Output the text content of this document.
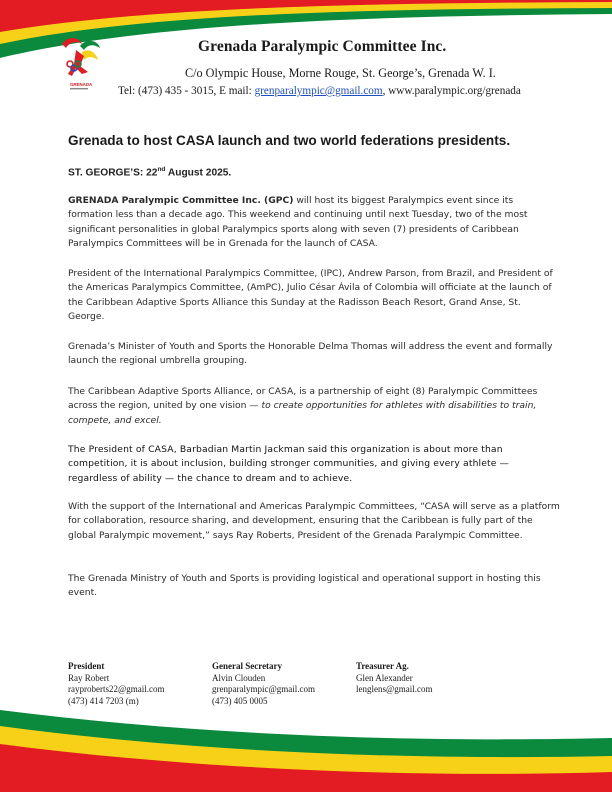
GRENADA
Grenada Paralympic Committee Inc.
C/o Olympic House, Morne Rouge, St. George’s, Grenada W. I.
Tel: (473) 435 - 3015, E mail: grenparalympic@gmail.com, www.paralympic.org/grenada
Grenada to host CASA launch and two world federations presidents.
ST. GEORGE’S: 22nd August 2025.

GRENADA Paralympic Committee Inc. (GPC) will host its biggest Paralympics event since its formation less than a decade ago. This weekend and continuing until next Tuesday, two of the most significant personalities in global Paralympics sports along with seven (7) presidents of Caribbean Paralympics Committees will be in Grenada for the launch of CASA.

President of the International Paralympics Committee, (IPC), Andrew Parson, from Brazil, and President of the Americas Paralympics Committee, (AmPC), Julio César Ávila of Colombia will officiate at the launch of the Caribbean Adaptive Sports Alliance this Sunday at the Radisson Beach Resort, Grand Anse, St. George.

Grenada’s Minister of Youth and Sports the Honorable Delma Thomas will address the event and formally launch the regional umbrella grouping.

The Caribbean Adaptive Sports Alliance, or CASA, is a partnership of eight (8) Paralympic Committees across the region, united by one vision — to create opportunities for athletes with disabilities to train, compete, and excel.

The President of CASA, Barbadian Martin Jackman said this organization is about more than competition, it is about inclusion, building stronger communities, and giving every athlete — regardless of ability — the chance to dream and to achieve.

With the support of the International and Americas Paralympic Committees, “CASA will serve as a platform for collaboration, resource sharing, and development, ensuring that the Caribbean is fully part of the global Paralympic movement,” says Ray Roberts, President of the Grenada Paralympic Committee.

The Grenada Ministry of Youth and Sports is providing logistical and operational support in hosting this event.

President
Ray Robert
rayproberts22@gmail.com
(473) 414 7203 (m)
General Secretary
Alvin Clouden
grenparalympic@gmail.com
(473) 405 0005
Treasurer Ag.
Glen Alexander
lenglens@gmail.com
